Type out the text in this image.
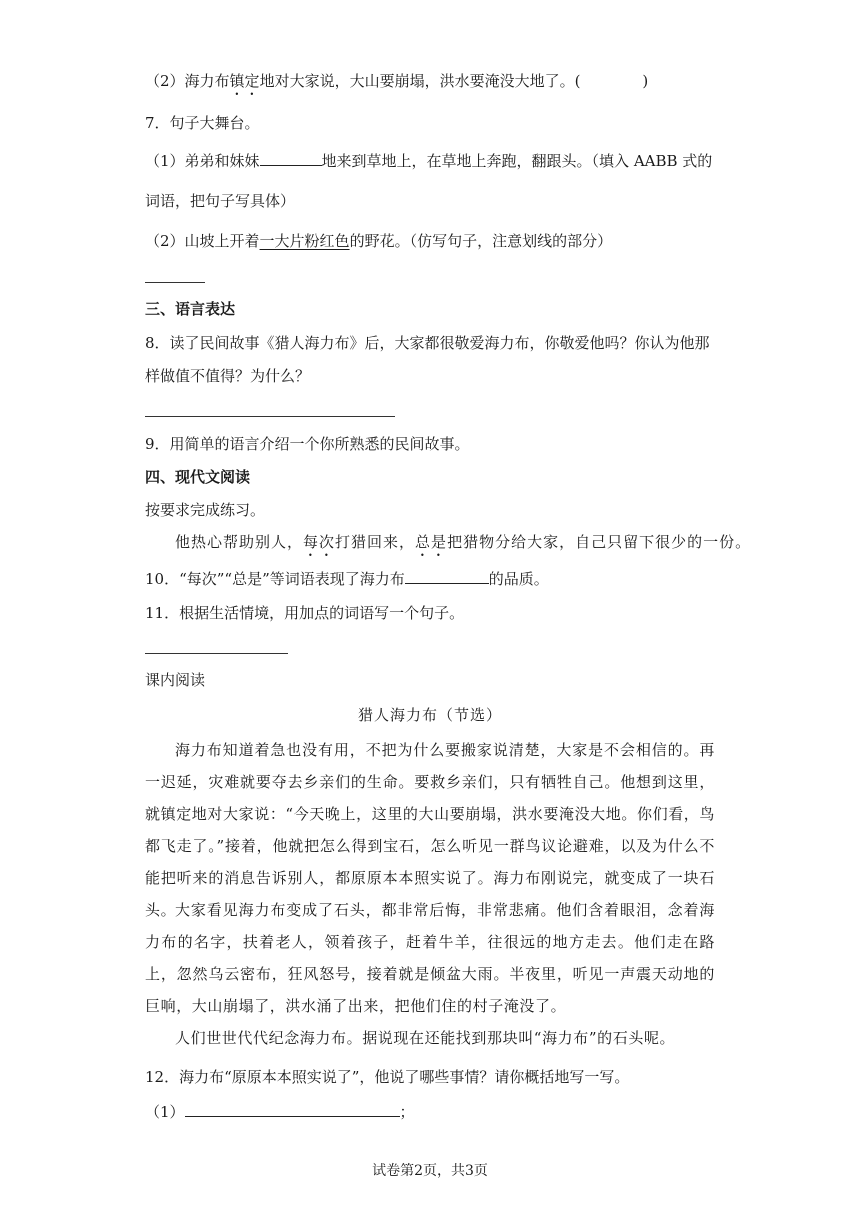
（2）海力布镇定地对大家说，大山要崩塌，洪水要淹没大地了。(	)
7．句子大舞台。
（1）弟弟和妹妹	地来到草地上，在草地上奔跑，翻跟头。（填入 AABB 式的
词语，把句子写具体）
（2）山坡上开着一大片粉红色的野花。（仿写句子，注意划线的部分）
三、语言表达
8．读了民间故事《猎人海力布》后，大家都很敬爱海力布，你敬爱他吗？你认为他那
样做值不值得？为什么？
9．用简单的语言介绍一个你所熟悉的民间故事。
四、现代文阅读
按要求完成练习。
他热心帮助别人，每次打猎回来，总是把猎物分给大家，自己只留下很少的一份。
10．“每次”“总是”等词语表现了海力布	的品质。
11．根据生活情境，用加点的词语写一个句子。
课内阅读
猎人海力布（节选）
海力布知道着急也没有用，不把为什么要搬家说清楚，大家是不会相信的。再一迟延，灾难就要夺去乡亲们的生命。要救乡亲们，只有牺牲自己。他想到这里，就镇定地对大家说：“今天晚上，这里的大山要崩塌，洪水要淹没大地。你们看，鸟都飞走了。”接着，他就把怎么得到宝石，怎么听见一群鸟议论避难，以及为什么不能把听来的消息告诉别人，都原原本本照实说了。海力布刚说完，就变成了一块石头。
大家看见海力布变成了石头，都非常后悔，非常悲痛。他们含着眼泪，念着海力布的名字，扶着老人，领着孩子，赶着牛羊，往很远的地方走去。他们走在路上，忽然乌云密布，狂风怒号，接着就是倾盆大雨。半夜里，听见一声震天动地的巨响，大山崩塌了，洪水涌了出来，把他们住的村子淹没了。
人们世世代代纪念海力布。据说现在还能找到那块叫“海力布”的石头呢。
12．海力布“原原本本照实说了”，他说了哪些事情？请你概括地写一写。
（1）	；
试卷第2页，共3页
